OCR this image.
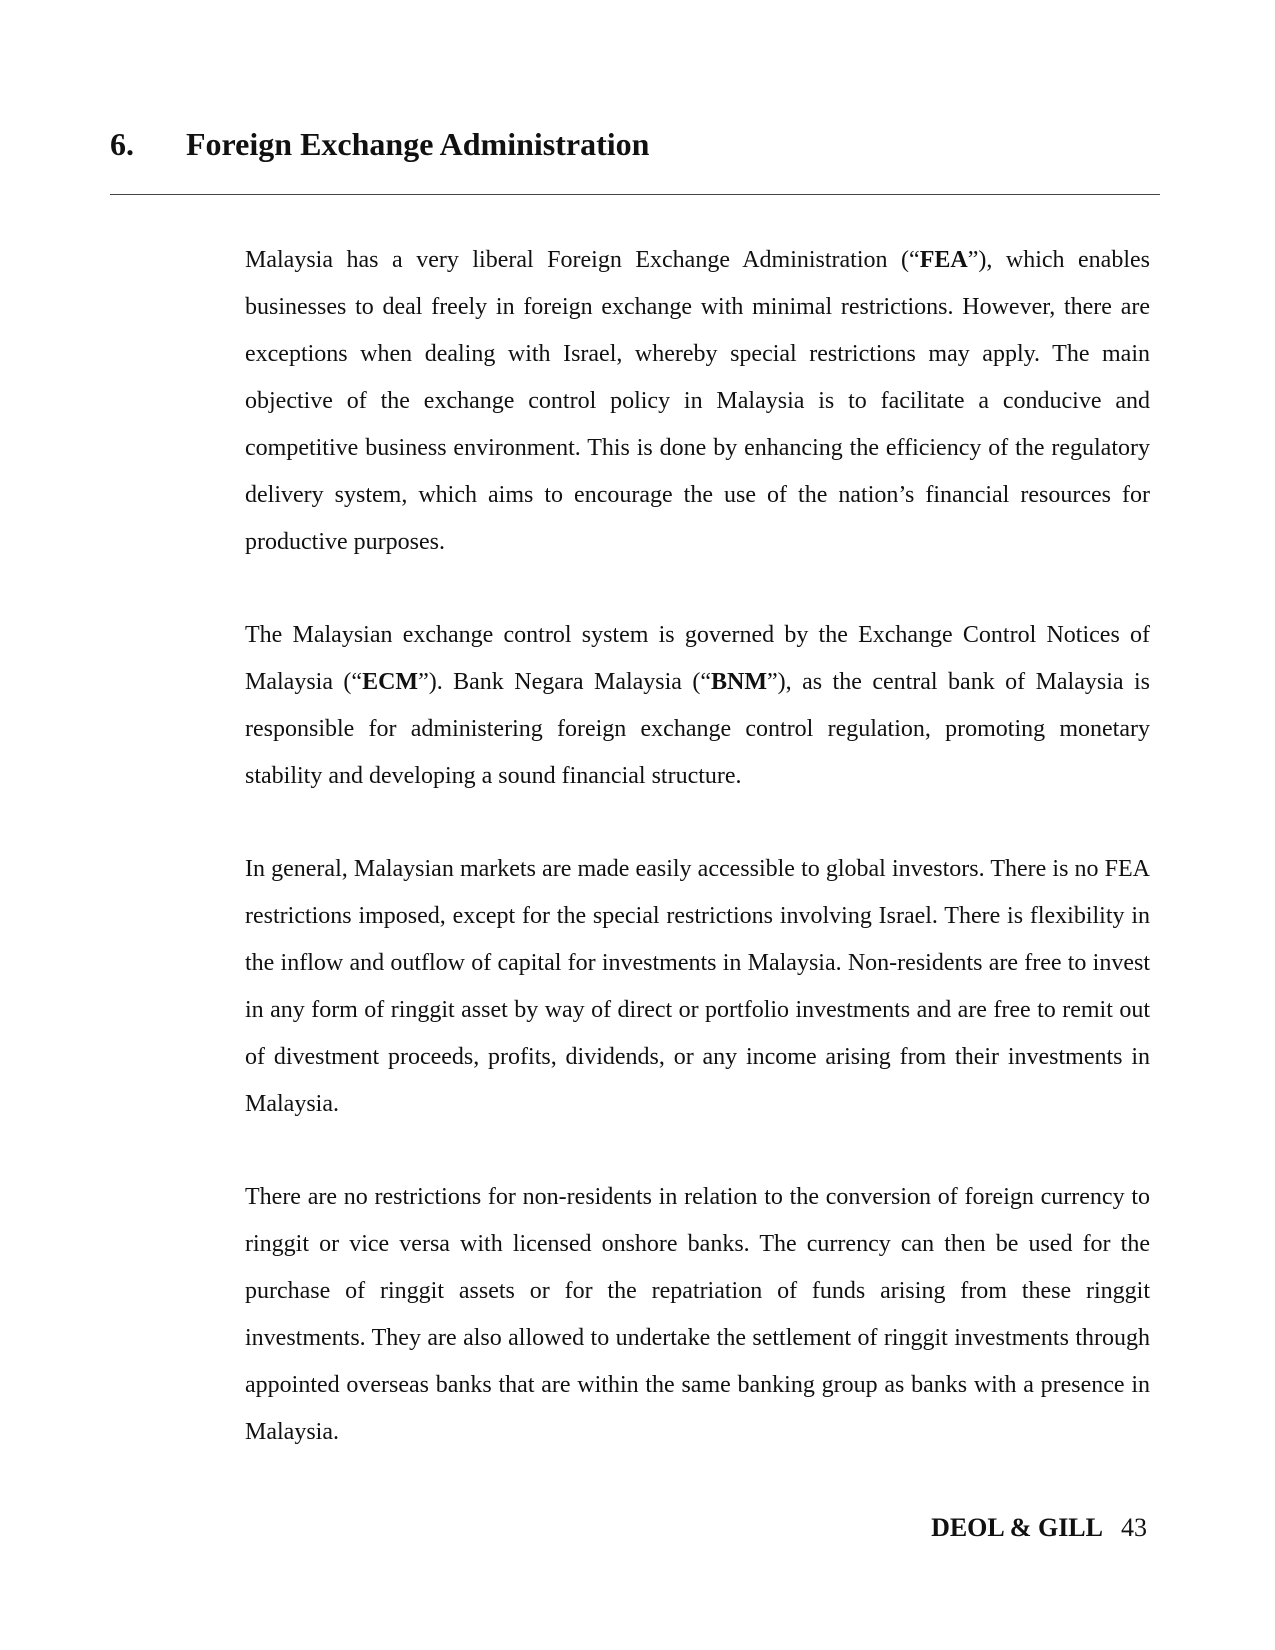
6. Foreign Exchange Administration

Malaysia has a very liberal Foreign Exchange Administration (“FEA”), which enables businesses to deal freely in foreign exchange with minimal restrictions. However, there are exceptions when dealing with Israel, whereby special restrictions may apply. The main objective of the exchange control policy in Malaysia is to facilitate a conducive and competitive business environment. This is done by enhancing the efficiency of the regulatory delivery system, which aims to encourage the use of the nation’s financial resources for productive purposes.

The Malaysian exchange control system is governed by the Exchange Control Notices of Malaysia (“ECM”). Bank Negara Malaysia (“BNM”), as the central bank of Malaysia is responsible for administering foreign exchange control regulation, promoting monetary stability and developing a sound financial structure.

In general, Malaysian markets are made easily accessible to global investors. There is no FEA restrictions imposed, except for the special restrictions involving Israel. There is flexibility in the inflow and outflow of capital for investments in Malaysia. Non-residents are free to invest in any form of ringgit asset by way of direct or portfolio investments and are free to remit out of divestment proceeds, profits, dividends, or any income arising from their investments in Malaysia.

There are no restrictions for non-residents in relation to the conversion of foreign currency to ringgit or vice versa with licensed onshore banks. The currency can then be used for the purchase of ringgit assets or for the repatriation of funds arising from these ringgit investments. They are also allowed to undertake the settlement of ringgit investments through appointed overseas banks that are within the same banking group as banks with a presence in Malaysia.

DEOL & GILL 43
